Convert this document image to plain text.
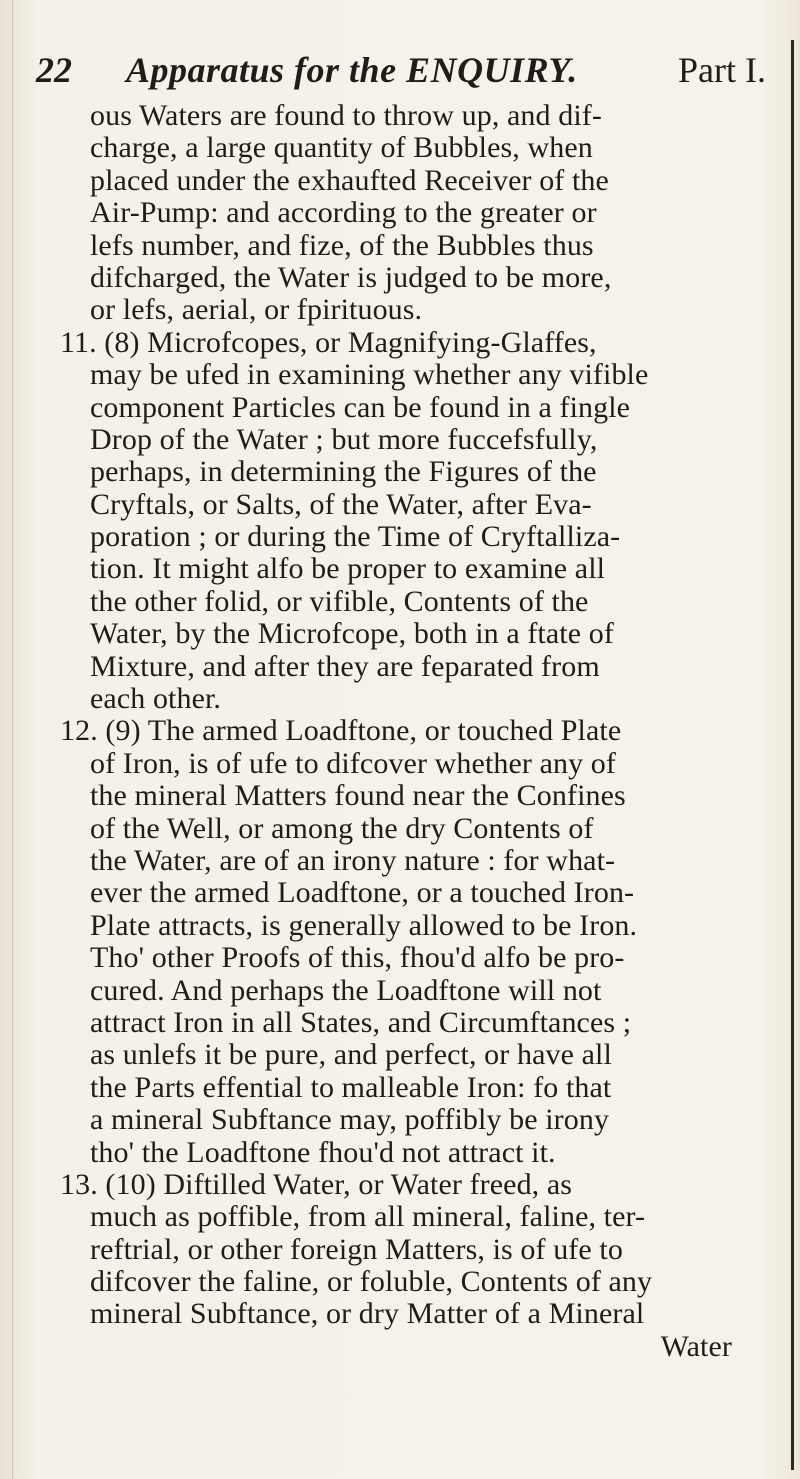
22 Apparatus for the ENQUIRY.	Part I.
ous Waters are found to throw up, and dif-
charge, a large quantity of Bubbles, when
placed under the exhaufted Receiver of the
Air-Pump: and according to the greater or
lefs number, and fize, of the Bubbles thus
difcharged, the Water is judged to be more,
or lefs, aerial, or fpirituous.
11. (8) Microfcopes, or Magnifying-Glaffes,
may be ufed in examining whether any vifible
component Particles can be found in a fingle
Drop of the Water ; but more fuccefsfully,
perhaps, in determining the Figures of the
Cryftals, or Salts, of the Water, after Eva-
poration ; or during the Time of Cryftalliza-
tion. It might alfo be proper to examine all
the other folid, or vifible, Contents of the
Water, by the Microfcope, both in a ftate of
Mixture, and after they are feparated from
each other.
12. (9) The armed Loadftone, or touched Plate
of Iron, is of ufe to difcover whether any of
the mineral Matters found near the Confines
of the Well, or among the dry Contents of
the Water, are of an irony nature : for what-
ever the armed Loadftone, or a touched Iron-
Plate attracts, is generally allowed to be Iron.
Tho' other Proofs of this, fhou'd alfo be pro-
cured. And perhaps the Loadftone will not
attract Iron in all States, and Circumftances ;
as unlefs it be pure, and perfect, or have all
the Parts effential to malleable Iron: fo that
a mineral Subftance may, poffibly be irony
tho' the Loadftone fhou'd not attract it.
13. (10) Diftilled Water, or Water freed, as
much as poffible, from all mineral, faline, ter-
reftrial, or other foreign Matters, is of ufe to
difcover the faline, or foluble, Contents of any
mineral Subftance, or dry Matter of a Mineral
Water
